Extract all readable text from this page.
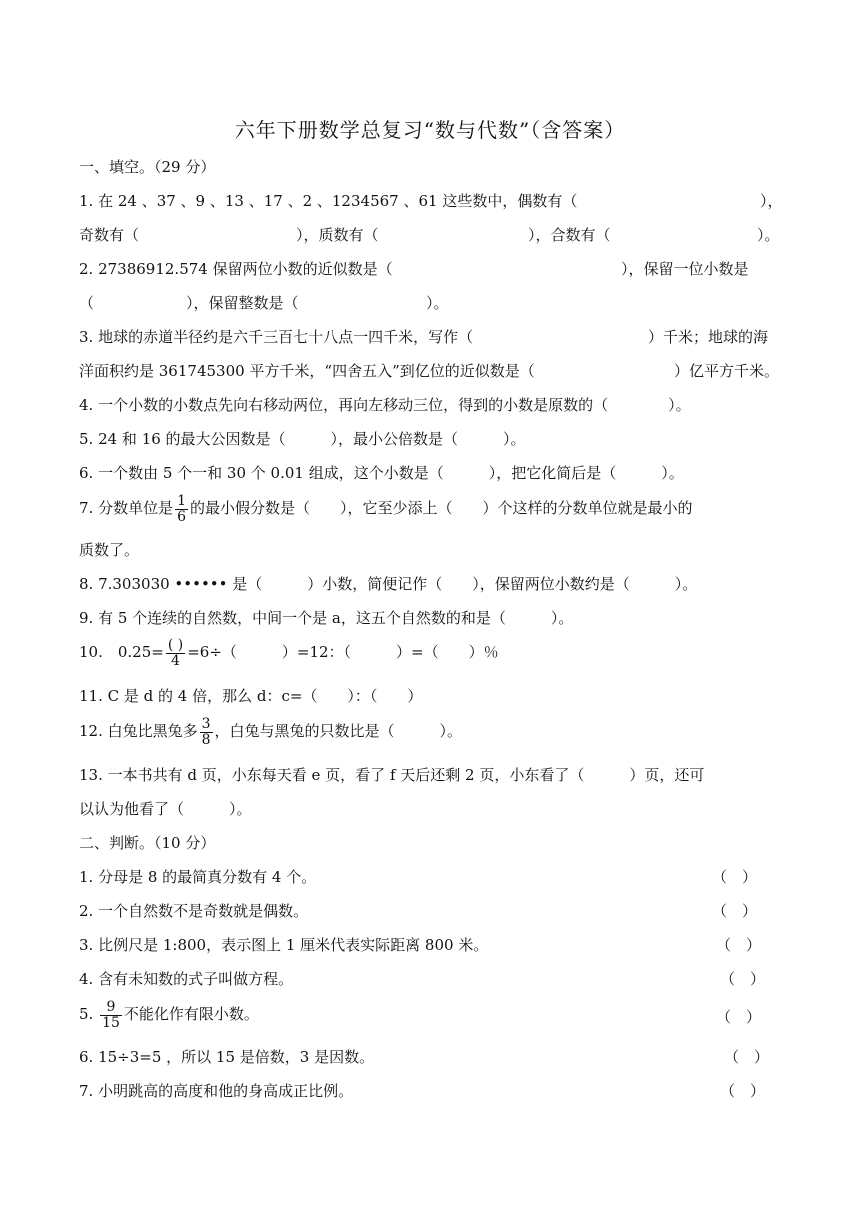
六年下册数学总复习“数与代数”（含答案）
一、填空。（29 分）
1. 在 24 、37 、9 、13 、17 、2 、1234567 、61 这些数中，偶数有（	），
奇数有（	），质数有（	），合数有（	）。
2. 27386912.574 保留两位小数的近似数是（	），保留一位小数是
（	），保留整数是（	）。
3. 地球的赤道半径约是六千三百七十八点一四千米，写作（	）千米；地球的海
洋面积约是 361745300 平方千米，“四舍五入”到亿位的近似数是（	）亿平方千米。
4. 一个小数的小数点先向右移动两位，再向左移动三位，得到的小数是原数的（　　　　）。
5. 24 和 16 的最大公因数是（　　　），最小公倍数是（　　　）。
6. 一个数由 5 个一和 30 个 0.01 组成，这个小数是（　　　），把它化简后是（　　　）。
7. 分数单位是 $\frac{1}{6}$ 的最小假分数是（　　），它至少添上（　　）个这样的分数单位就是最小的
质数了。
8. 7.303030 •••••• 是（　　　）小数，简便记作（　　），保留两位小数约是（　　　）。
9. 有 5 个连续的自然数，中间一个是 a，这五个自然数的和是（　　　）。
10.　$0.25= \frac{( )}{4} =6\div$（　　　）=12：（　　　）=（　　）％
11. C 是 d 的 4 倍，那么 d：c=（　　）：（　　）
12. 白兔比黑兔多 $\frac{3}{8}$ ，白兔与黑兔的只数比是（　　　）。
13. 一本书共有 d 页，小东每天看 e 页，看了 f 天后还剩 2 页，小东看了（　　　）页，还可
以认为他看了（　　　）。
二、判断。（10 分）
1. 分母是 8 的最简真分数有 4 个。	（　）
2. 一个自然数不是奇数就是偶数。	（　）
3. 比例尺是 1:800，表示图上 1 厘米代表实际距离 800 米。	（　）
4. 含有未知数的式子叫做方程。	（　）
5. $\frac{9}{15}$ 不能化作有限小数。	（　）
6. 15÷3=5 ，所以 15 是倍数，3 是因数。	（　）
7. 小明跳高的高度和他的身高成正比例。	（　）
